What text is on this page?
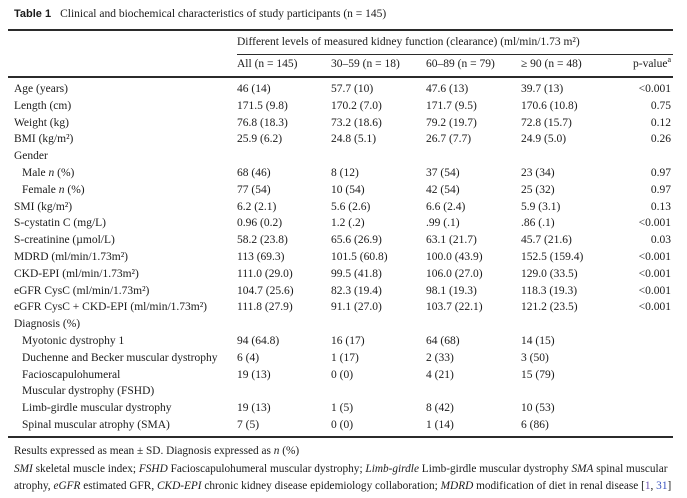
Table 1 Clinical and biochemical characteristics of study participants (n = 145)

	Different levels of measured kidney function (clearance) (ml/min/1.73 m²)				
	All (n = 145)	30–59 (n = 18)	60–89 (n = 79)	≥ 90 (n = 48)	p-value$^a$
Age (years)	46 (14)	57.7 (10)	47.6 (13)	39.7 (13)	<0.001
Length (cm)	171.5 (9.8)	170.2 (7.0)	171.7 (9.5)	170.6 (10.8)	0.75
Weight (kg)	76.8 (18.3)	73.2 (18.6)	79.2 (19.7)	72.8 (15.7)	0.12
BMI (kg/m²)	25.9 (6.2)	24.8 (5.1)	26.7 (7.7)	24.9 (5.0)	0.26
Gender					
Male n (%)	68 (46)	8 (12)	37 (54)	23 (34)	0.97
Female n (%)	77 (54)	10 (54)	42 (54)	25 (32)	0.97
SMI (kg/m²)	6.2 (2.1)	5.6 (2.6)	6.6 (2.4)	5.9 (3.1)	0.13
S-cystatin C (mg/L)	0.96 (0.2)	1.2 (.2)	.99 (.1)	.86 (.1)	<0.001
S-creatinine (µmol/L)	58.2 (23.8)	65.6 (26.9)	63.1 (21.7)	45.7 (21.6)	0.03
MDRD (ml/min/1.73m²)	113 (69.3)	101.5 (60.8)	100.0 (43.9)	152.5 (159.4)	<0.001
CKD-EPI (ml/min/1.73m²)	111.0 (29.0)	99.5 (41.8)	106.0 (27.0)	129.0 (33.5)	<0.001
eGFR CysC (ml/min/1.73m²)	104.7 (25.6)	82.3 (19.4)	98.1 (19.3)	118.3 (19.3)	<0.001
eGFR CysC + CKD-EPI (ml/min/1.73m²)	111.8 (27.9)	91.1 (27.0)	103.7 (22.1)	121.2 (23.5)	<0.001
Diagnosis (%)					
Myotonic dystrophy 1	94 (64.8)	16 (17)	64 (68)	14 (15)	
Duchenne and Becker muscular dystrophy	6 (4)	1 (17)	2 (33)	3 (50)	
Facioscapulohumeral	19 (13)	0 (0)	4 (21)	15 (79)	
Muscular dystrophy (FSHD)					
Limb-girdle muscular dystrophy	19 (13)	1 (5)	8 (42)	10 (53)	
Spinal muscular atrophy (SMA)	7 (5)	0 (0)	1 (14)	6 (86)	

Results expressed as mean ± SD. Diagnosis expressed as n (%)

SMI skeletal muscle index; FSHD Facioscapulohumeral muscular dystrophy; Limb-girdle Limb-girdle muscular dystrophy SMA spinal muscular atrophy, eGFR estimated GFR, CKD-EPI chronic kidney disease epidemiology collaboration; MDRD modification of diet in renal disease [1, 31]
